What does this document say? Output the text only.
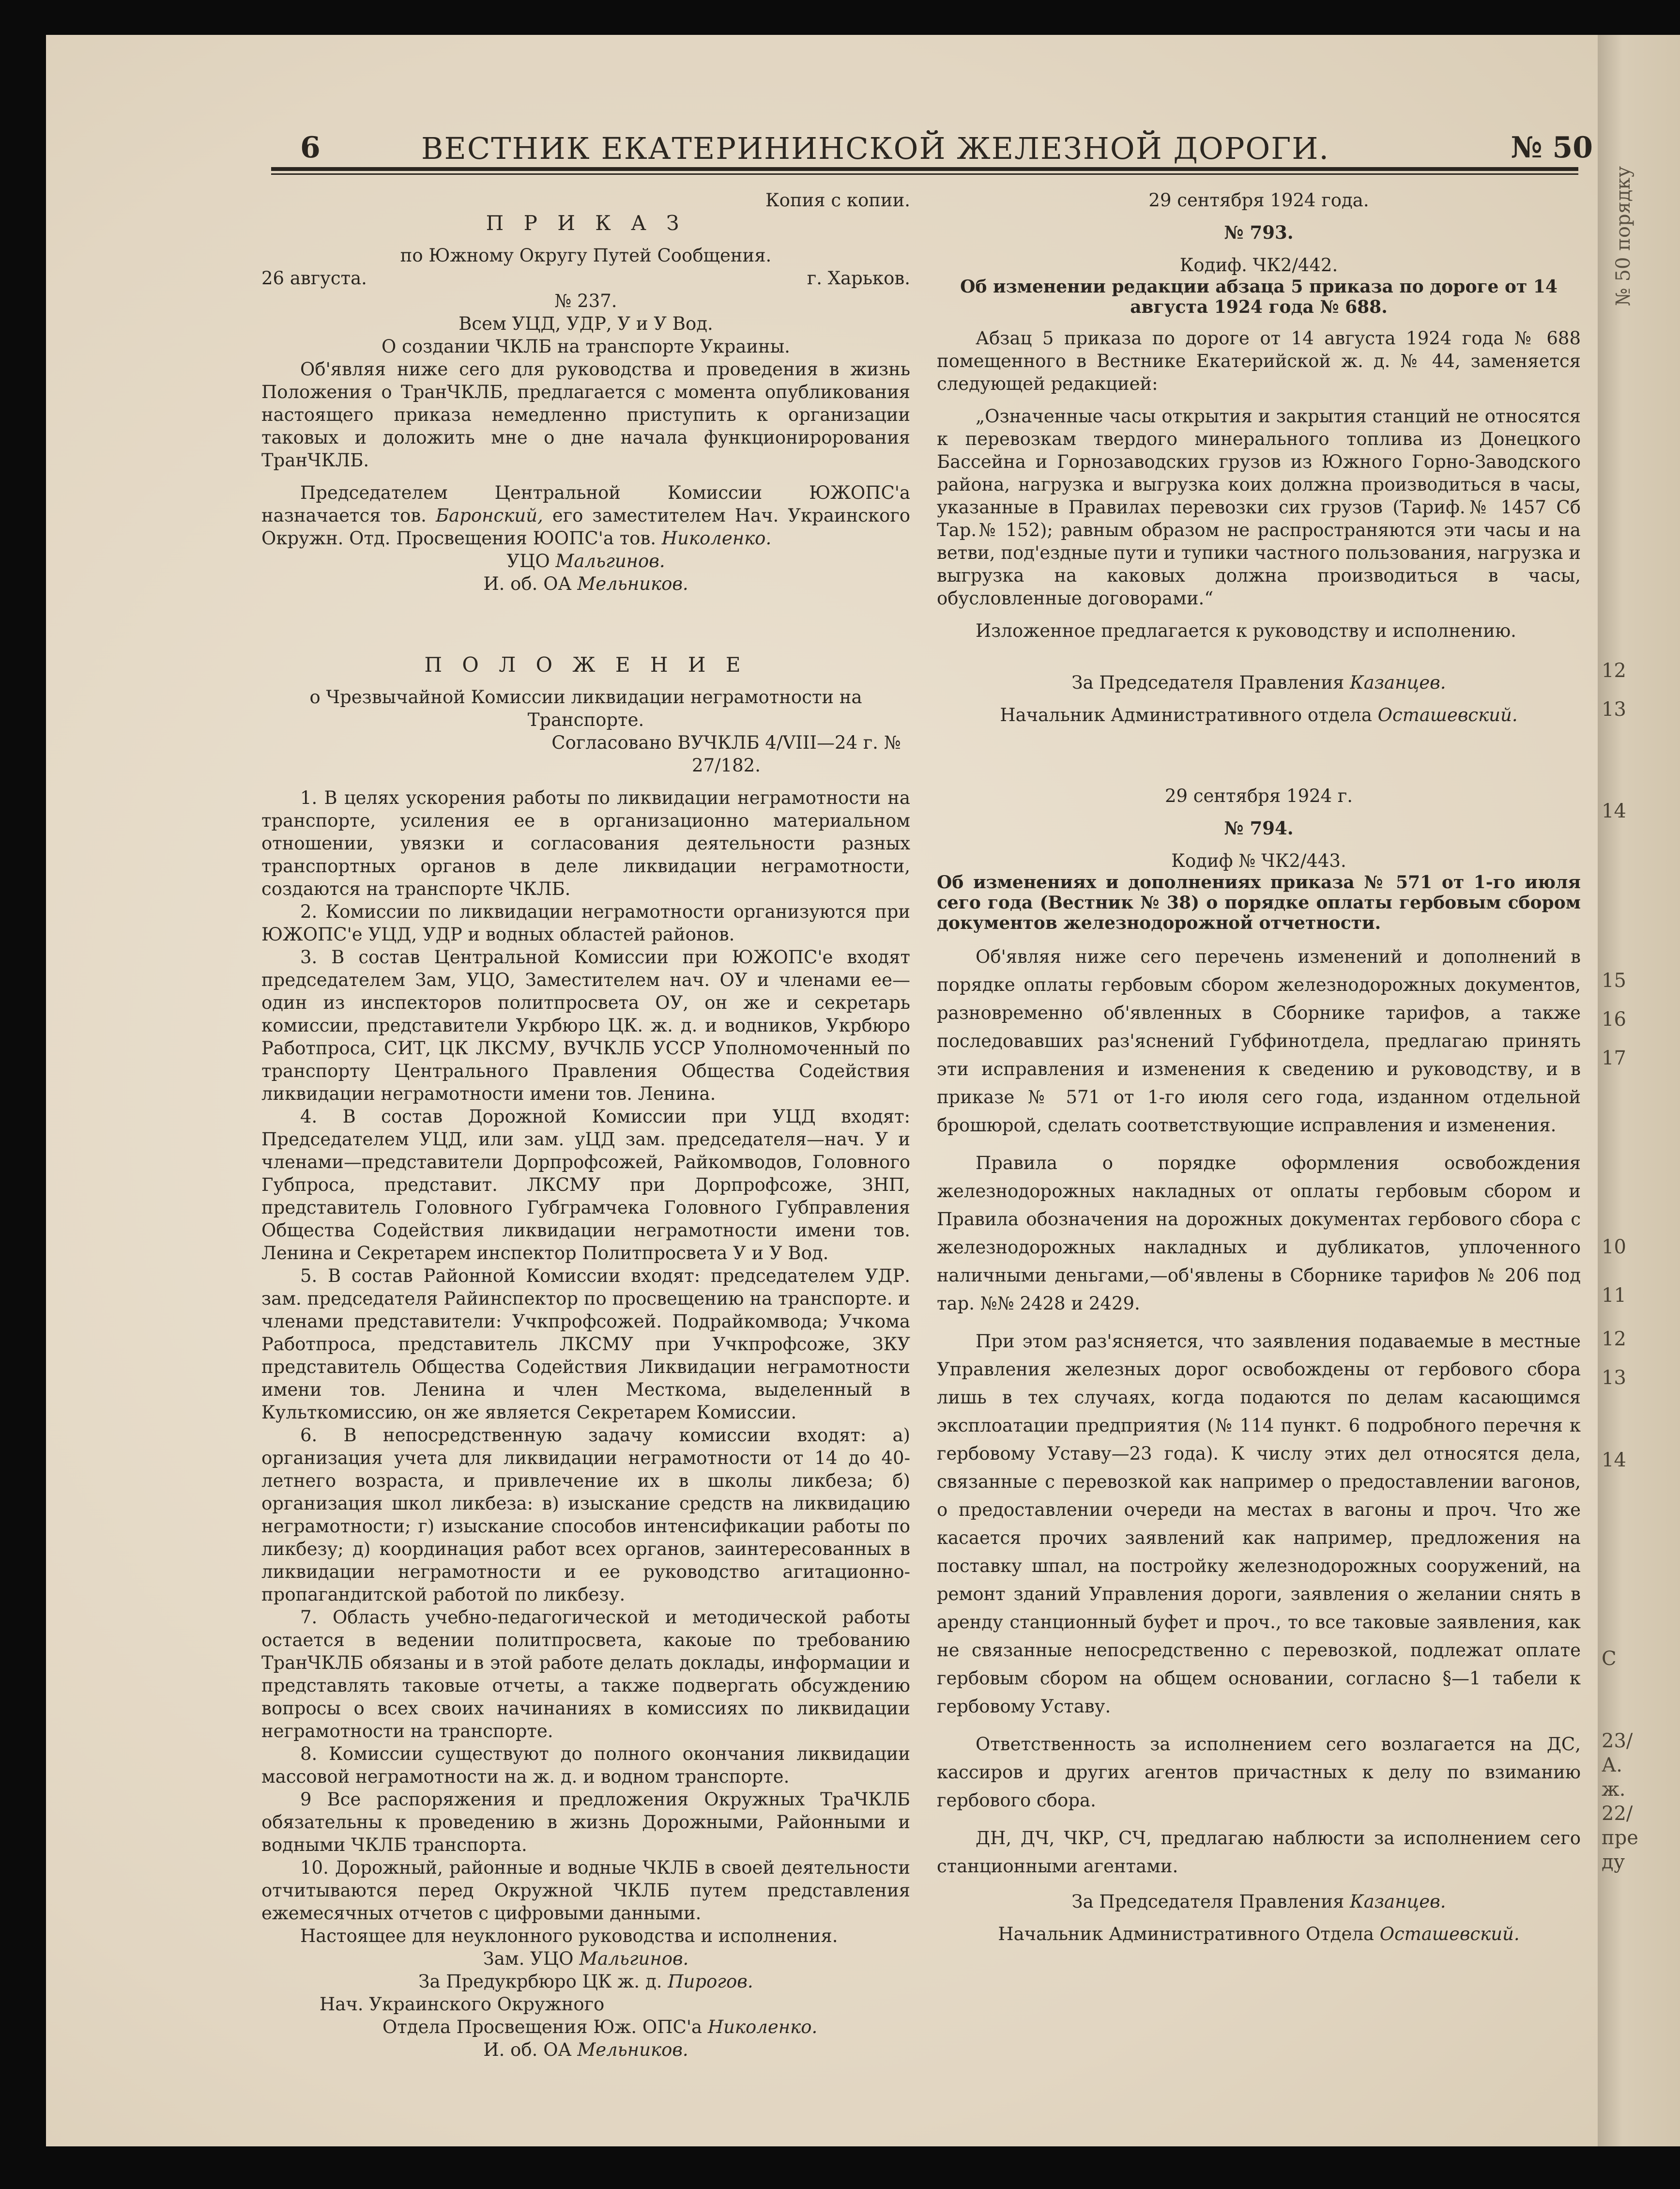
№ 50 порядку
12
13
14
15
16
17
10
11
12
13
14
С
23/
А.
ж.
22/
пре
ду
6	ВЕСТНИК ЕКАТЕРИНИНСКОЙ ЖЕЛЕЗНОЙ ДОРОГИ.	№ 50

Копия с копии.

П Р И К А З

по Южному Округу Путей Сообщения.

26 августа.	г. Харьков.

№ 237.

Всем УЦД, УДР, У и У Вод.

О создании ЧКЛБ на транспорте Украины.

Об'являя ниже сего для руководства и проведения в жизнь Положения о ТранЧКЛБ, предлагается с момента опубликования настоящего приказа немедленно приступить к организации таковых и доложить мне о дне начала функционирорования ТранЧКЛБ.

Председателем Центральной Комиссии ЮЖОПС'а назначается тов. Баронский, его заместителем Нач. Украинского Окружн. Отд. Просвещения ЮОПС'а тов. Николенко.

УЦО Мальгинов.

И. об. ОА Мельников.

П О Л О Ж Е Н И Е

о Чрезвычайной Комиссии ликвидации неграмотности на Транспорте.

Согласовано ВУЧКЛБ 4/VIII—24 г. № 27/182.

1. В целях ускорения работы по ликвидации неграмотности на транспорте, усиления ее в организационно материальном отношении, увязки и согласования деятельности разных транспортных органов в деле ликвидации неграмотности, создаются на транспорте ЧКЛБ.

2. Комиссии по ликвидации неграмотности организуются при ЮЖОПС'е УЦД, УДР и водных областей районов.

3. В состав Центральной Комиссии при ЮЖОПС'е входят председателем Зам, УЦО, Заместителем нач. ОУ и членами ее—один из инспекторов политпросвета ОУ, он же и секретарь комиссии, представители Укрбюро ЦК. ж. д. и водников, Укрбюро Работпроса, СИТ, ЦК ЛКСМУ, ВУЧКЛБ УССР Уполномоченный по транспорту Центрального Правления Общества Содействия ликвидации неграмотности имени тов. Ленина.

4. В состав Дорожной Комиссии при УЦД входят: Председателем УЦД, или зам. уЦД зам. председателя—нач. У и членами—представители Дорпрофсожей, Райкомводов, Головного Губпроса, представит. ЛКСМУ при Дорпрофсоже, ЗНП, представитель Головного Губграмчека Головного Губправления Общества Содействия ликвидации неграмотности имени тов. Ленина и Секретарем инспектор Политпросвета У и У Вод.

5. В состав Районной Комиссии входят: председателем УДР. зам. председателя Райинспектор по просвещению на транспорте. и членами представители: Учкпрофсожей. Подрайкомвода; Учкома Работпроса, представитель ЛКСМУ при Учкпрофсоже, ЗКУ представитель Общества Содействия Ликвидации неграмотности имени тов. Ленина и член Месткома, выделенный в Культкомиссию, он же является Секретарем Комиссии.

6. В непосредственную задачу комиссии входят: а) организация учета для ликвидации неграмотности от 14 до 40-летнего возраста, и привлечение их в школы ликбеза; б) организация школ ликбеза: в) изыскание средств на ликвидацию неграмотности; г) изыскание способов интенсификации работы по ликбезу; д) координация работ всех органов, заинтересованных в ликвидации неграмотности и ее руководство агитационно-пропагандитской работой по ликбезу.

7. Область учебно-педагогической и методической работы остается в ведении политпросвета, какоые по требованию ТранЧКЛБ обязаны и в этой работе делать доклады, информации и представлять таковые отчеты, а также подвергать обсуждению вопросы о всех своих начинаниях в комиссиях по ликвидации неграмотности на транспорте.

8. Комиссии существуют до полного окончания ликвидации массовой неграмотности на ж. д. и водном транспорте.

9 Все распоряжения и предложения Окружных ТраЧКЛБ обязательны к проведению в жизнь Дорожными, Районными и водными ЧКЛБ транспорта.

10. Дорожный, районные и водные ЧКЛБ в своей деятельности отчитываются перед Окружной ЧКЛБ путем представления ежемесячных отчетов с цифровыми данными.

Настоящее для неуклонного руководства и исполнения.

Зам. УЦО Мальгинов.

За Предукрбюро ЦК ж. д. Пирогов.

Нач. Украинского Окружного

Отдела Просвещения Юж. ОПС'а Николенко.

И. об. ОА Мельников.

29 сентября 1924 года.

№ 793.

Кодиф. ЧК2/442.

Об изменении редакции абзаца 5 приказа по дороге от 14 августа 1924 года № 688.

Абзац 5 приказа по дороге от 14 августа 1924 года № 688 помещенного в Вестнике Екатерийской ж. д. № 44, заменяется следующей редакцией:

„Означенные часы открытия и закрытия станций не относятся к перевозкам твердого минерального топлива из Донецкого Бассейна и Горнозаводских грузов из Южного Горно-Заводского района, нагрузка и выгрузка коих должна производиться в часы, указанные в Правилах перевозки сих грузов (Тариф.№ 1457 Сб Тар.№ 152); равным образом не распространяются эти часы и на ветви, под'ездные пути и тупики частного пользования, нагрузка и выгрузка на каковых должна производиться в часы, обусловленные договорами.“

Изложенное предлагается к руководству и исполнению.

За Председателя Правления Казанцев.

Начальник Административного отдела Осташевский.

29 сентября 1924 г.

№ 794.

Кодиф № ЧК2/443.

Об изменениях и дополнениях приказа № 571 от 1-го июля сего года (Вестник № 38) о порядке оплаты гербовым сбором документов железнодорожной отчетности.

Об'являя ниже сего перечень изменений и дополнений в порядке оплаты гербовым сбором железнодорожных документов, разновременно об'явленных в Сборнике тарифов, а также последовавших раз'яснений Губфинотдела, предлагаю принять эти исправления и изменения к сведению и руководству, и в приказе № 571 от 1-го июля сего года, изданном отдельной брошюрой, сделать соответствующие исправления и изменения.

Правила о порядке оформления освобождения железнодорожных накладных от оплаты гербовым сбором и Правила обозначения на дорожных документах гербового сбора с железнодорожных накладных и дубликатов, уплоченного наличными деньгами,—об'явлены в Сборнике тарифов № 206 под тар. №№ 2428 и 2429.

При этом раз'ясняется, что заявления подаваемые в местные Управления железных дорог освобождены от гербового сбора лишь в тех случаях, когда подаются по делам касающимся эксплоатации предприятия (№ 114 пункт. 6 подробного перечня к гербовому Уставу—23 года). К числу этих дел относятся дела, связанные с перевозкой как например о предоставлении вагонов, о предоставлении очереди на местах в вагоны и проч. Что же касается прочих заявлений как например, предложения на поставку шпал, на постройку железнодорожных сооружений, на ремонт зданий Управления дороги, заявления о желании снять в аренду станционный буфет и проч., то все таковые заявления, как не связанные непосредственно с перевозкой, подлежат оплате гербовым сбором на общем основании, согласно §—1 табели к гербовому Уставу.

Ответственность за исполнением сего возлагается на ДС, кассиров и других агентов причастных к делу по взиманию гербового сбора.

ДН, ДЧ, ЧКР, СЧ, предлагаю наблюсти за исполнением сего станционными агентами.

За Председателя Правления Казанцев.

Начальник Административного Отдела Осташевский.
